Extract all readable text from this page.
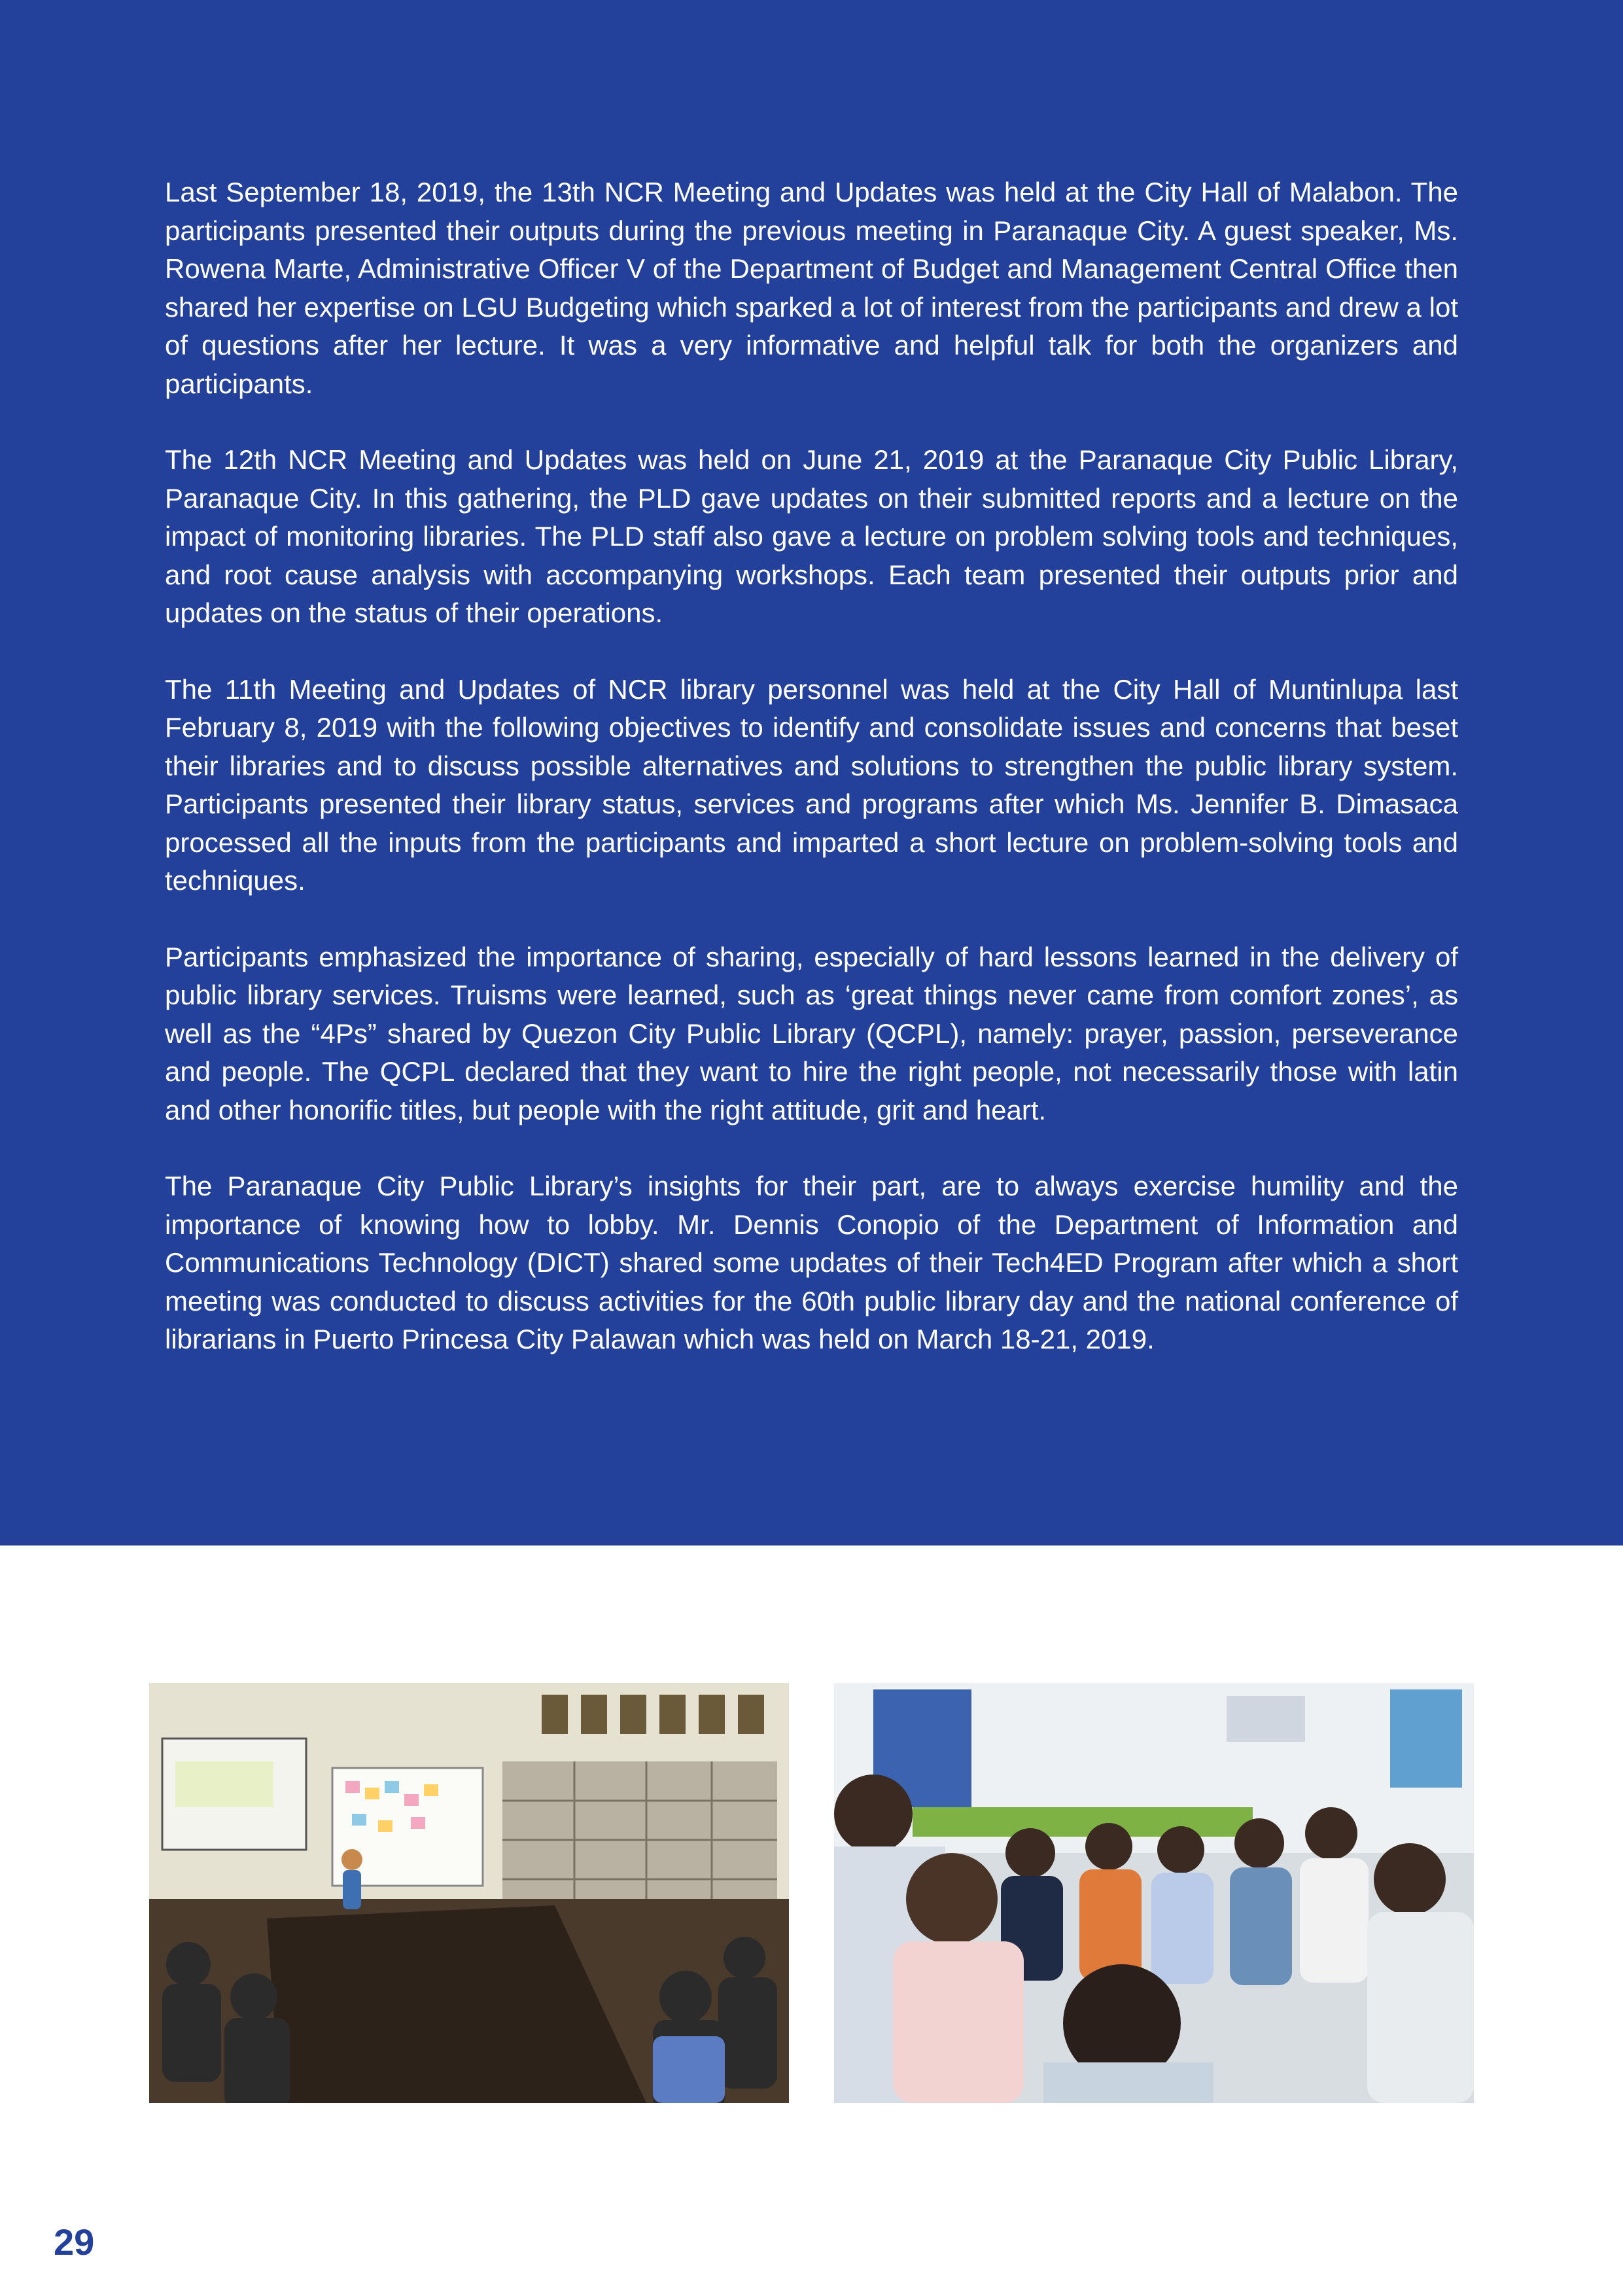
Last September 18, 2019, the 13th NCR Meeting and Updates was held at the City Hall of Malabon. The participants presented their outputs during the previous meeting in Paranaque City. A guest speaker, Ms. Rowena Marte, Administrative Officer V of the Department of Budget and Management Central Office then shared her expertise on LGU Budgeting which sparked a lot of interest from the participants and drew a lot of questions after her lecture. It was a very informative and helpful talk for both the organizers and participants.

The 12th NCR Meeting and Updates was held on June 21, 2019 at the Paranaque City Public Library, Paranaque City. In this gathering, the PLD gave updates on their submitted reports and a lecture on the impact of monitoring libraries. The PLD staff also gave a lecture on problem solving tools and techniques, and root cause analysis with accompanying workshops. Each team presented their outputs prior and updates on the status of their operations.

The 11th Meeting and Updates of NCR library personnel was held at the City Hall of Muntinlupa last February 8, 2019 with the following objectives to identify and consolidate issues and concerns that beset their libraries and to discuss possible alternatives and solutions to strengthen the public library system. Participants presented their library status, services and programs after which Ms. Jennifer B. Dimasaca processed all the inputs from the participants and imparted a short lecture on problem-solving tools and techniques.

Participants emphasized the importance of sharing, especially of hard lessons learned in the delivery of public library services. Truisms were learned, such as ‘great things never came from comfort zones’, as well as the “4Ps” shared by Quezon City Public Library (QCPL), namely: prayer, passion, perseverance and people. The QCPL declared that they want to hire the right people, not necessarily those with latin and other honorific titles, but people with the right attitude, grit and heart.

The Paranaque City Public Library’s insights for their part, are to always exercise humility and the importance of knowing how to lobby. Mr. Dennis Conopio of the Department of Information and Communications Technology (DICT) shared some updates of their Tech4ED Program after which a short meeting was conducted to discuss activities for the 60th public library day and the national conference of librarians in Puerto Princesa City Palawan which was held on March 18-21, 2019.

29
